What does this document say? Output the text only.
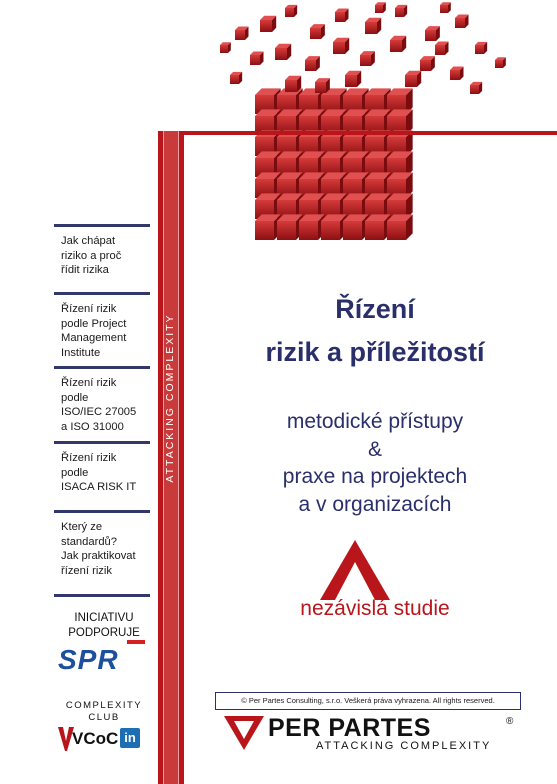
Jak chápat
riziko a proč
řídit rizika
Řízení rizik
podle Project
Management
Institute
Řízení rizik
podle
ISO/IEC 27005
a ISO 31000
Řízení rizik
podle
ISACA RISK IT
Který ze
standardů?
Jak praktikovat
řízení rizik
ATTACKING COMPLEXITY
Řízení
rizik a příležitostí
metodické přístupy
&
praxe na projektech
a v organizacích
nezávislá studie
INICIATIVU
PODPORUJE
SPR
COMPLEXITY
CLUB
VCoC in
© Per Partes Consulting, s.r.o. Veškerá práva vyhrazena. All rights reserved.
PER PARTES	®
ATTACKING COMPLEXITY
